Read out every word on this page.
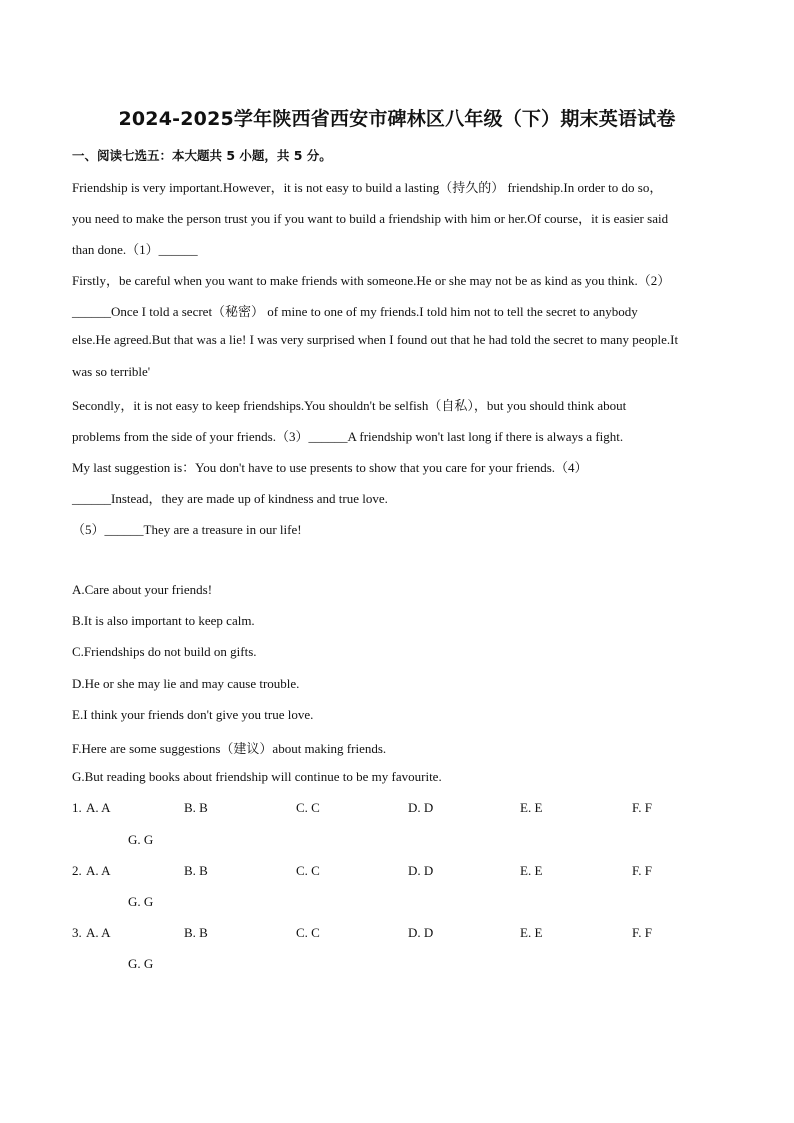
2024-2025学年陕西省西安市碑林区八年级（下）期末英语试卷
一、阅读七选五：本大题共 5 小题，共 5 分。
Friendship is very important.However，it is not easy to build a lasting（持久的） friendship.In order to do so，
you need to make the person trust you if you want to build a friendship with him or her.Of course，it is easier said
than done.（1）______
Firstly，be careful when you want to make friends with someone.He or she may not be as kind as you think.（2）
______Once I told a secret（秘密） of mine to one of my friends.I told him not to tell the secret to anybody
else.He agreed.But that was a lie! I was very surprised when I found out that he had told the secret to many people.It
was so terrible'
Secondly，it is not easy to keep friendships.You shouldn't be selfish（自私），but you should think about
problems from the side of your friends.（3）______A friendship won't last long if there is always a fight.
My last suggestion is：You don't have to use presents to show that you care for your friends.（4）
______Instead，they are made up of kindness and true love.
（5）______They are a treasure in our life!
A.Care about your friends!
B.It is also important to keep calm.
C.Friendships do not build on gifts.
D.He or she may lie and may cause trouble.
E.I think your friends don't give you true love.
F.Here are some suggestions（建议）about making friends.
G.But reading books about friendship will continue to be my favourite.
1. A. A	B. B	C. C	D. D	E. E	F. F
G. G
2. A. A	B. B	C. C	D. D	E. E	F. F
G. G
3. A. A	B. B	C. C	D. D	E. E	F. F
G. G
